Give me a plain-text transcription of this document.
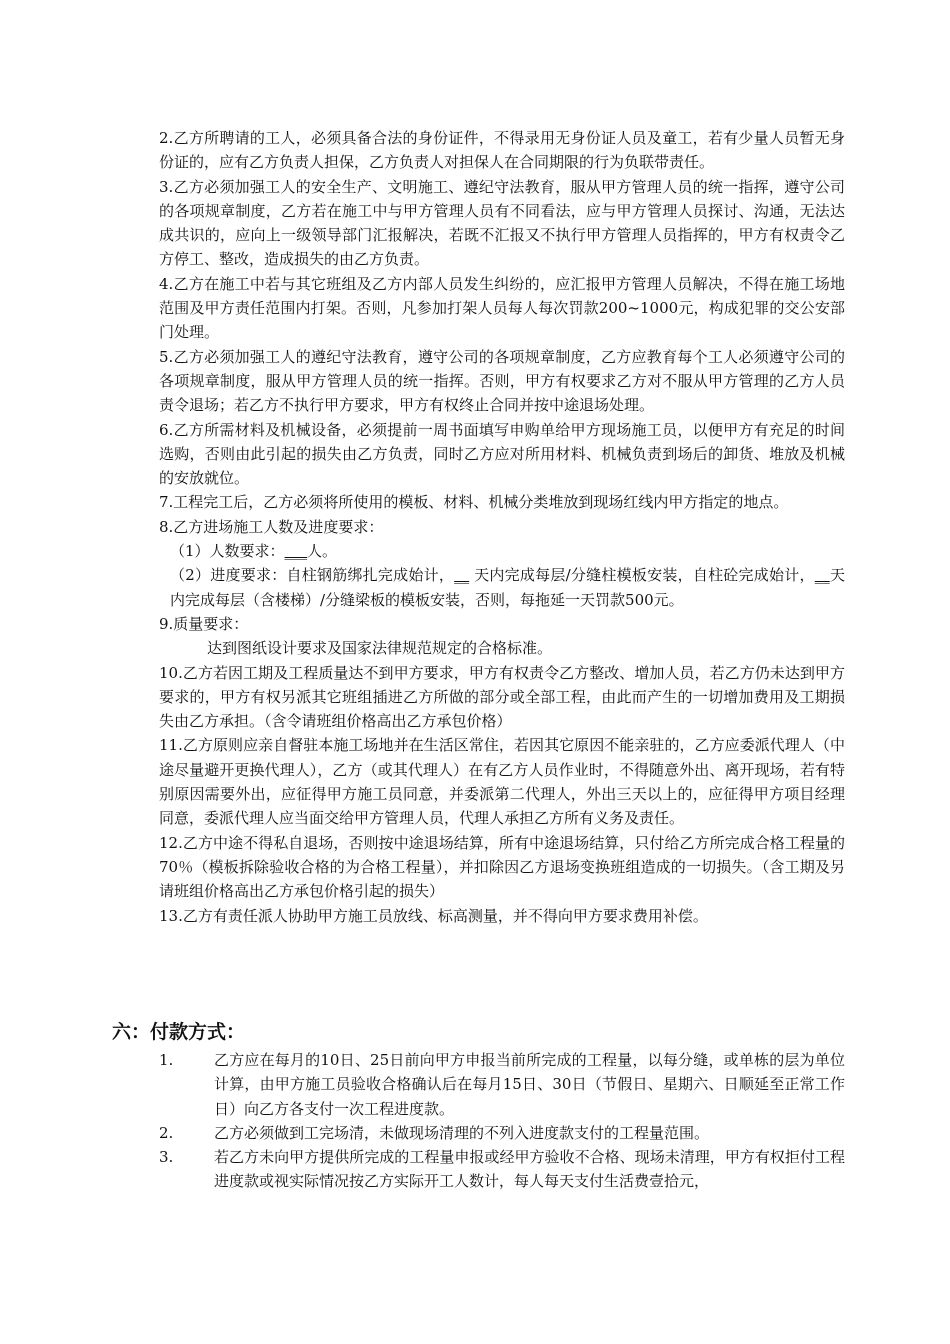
2.乙方所聘请的工人，必须具备合法的身份证件，不得录用无身份证人员及童工，若有少量人员暂无身份证的，应有乙方负责人担保，乙方负责人对担保人在合同期限的行为负联带责任。

3.乙方必须加强工人的安全生产、文明施工、遵纪守法教育，服从甲方管理人员的统一指挥，遵守公司的各项规章制度，乙方若在施工中与甲方管理人员有不同看法，应与甲方管理人员探讨、沟通，无法达成共识的，应向上一级领导部门汇报解决，若既不汇报又不执行甲方管理人员指挥的，甲方有权责令乙方停工、整改，造成损失的由乙方负责。

4.乙方在施工中若与其它班组及乙方内部人员发生纠纷的，应汇报甲方管理人员解决，不得在施工场地范围及甲方责任范围内打架。否则，凡参加打架人员每人每次罚款200~1000元，构成犯罪的交公安部门处理。

5.乙方必须加强工人的遵纪守法教育，遵守公司的各项规章制度，乙方应教育每个工人必须遵守公司的各项规章制度，服从甲方管理人员的统一指挥。否则，甲方有权要求乙方对不服从甲方管理的乙方人员责令退场；若乙方不执行甲方要求，甲方有权终止合同并按中途退场处理。

6.乙方所需材料及机械设备，必须提前一周书面填写申购单给甲方现场施工员，以便甲方有充足的时间选购，否则由此引起的损失由乙方负责，同时乙方应对所用材料、机械负责到场后的卸货、堆放及机械的安放就位。

7.工程完工后，乙方必须将所使用的模板、材料、机械分类堆放到现场红线内甲方指定的地点。

8.乙方进场施工人数及进度要求：

（1）人数要求：___人。

（2）进度要求：自柱钢筋绑扎完成始计，__ 天内完成每层/分缝柱模板安装，自柱砼完成始计，__天内完成每层（含楼梯）/分缝梁板的模板安装，否则，每拖延一天罚款500元。

9.质量要求：

达到图纸设计要求及国家法律规范规定的合格标准。

10.乙方若因工期及工程质量达不到甲方要求，甲方有权责令乙方整改、增加人员，若乙方仍未达到甲方要求的，甲方有权另派其它班组插进乙方所做的部分或全部工程，由此而产生的一切增加费用及工期损失由乙方承担。（含令请班组价格高出乙方承包价格）

11.乙方原则应亲自督驻本施工场地并在生活区常住，若因其它原因不能亲驻的，乙方应委派代理人（中途尽量避开更换代理人），乙方（或其代理人）在有乙方人员作业时，不得随意外出、离开现场，若有特别原因需要外出，应征得甲方施工员同意，并委派第二代理人，外出三天以上的，应征得甲方项目经理同意，委派代理人应当面交给甲方管理人员，代理人承担乙方所有义务及责任。

12.乙方中途不得私自退场，否则按中途退场结算，所有中途退场结算，只付给乙方所完成合格工程量的70％（模板拆除验收合格的为合格工程量），并扣除因乙方退场变换班组造成的一切损失。（含工期及另请班组价格高出乙方承包价格引起的损失）

13.乙方有责任派人协助甲方施工员放线、标高测量，并不得向甲方要求费用补偿。

六：付款方式：
1.	乙方应在每月的10日、25日前向甲方申报当前所完成的工程量，以每分缝，或单栋的层为单位计算，由甲方施工员验收合格确认后在每月15日、30日（节假日、星期六、日顺延至正常工作日）向乙方各支付一次工程进度款。
2.	乙方必须做到工完场清，未做现场清理的不列入进度款支付的工程量范围。
3.	若乙方未向甲方提供所完成的工程量申报或经甲方验收不合格、现场未清理，甲方有权拒付工程进度款或视实际情况按乙方实际开工人数计，每人每天支付生活费壹拾元，
